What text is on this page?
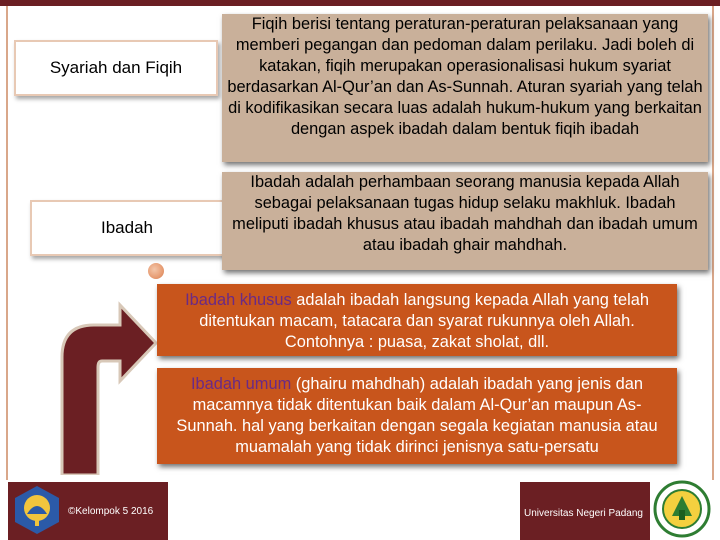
Syariah dan Fiqih
Ibadah
Fiqih berisi tentang peraturan-peraturan pelaksanaan yang memberi pegangan dan pedoman dalam perilaku. Jadi boleh di katakan, fiqih merupakan operasionalisasi hukum syariat berdasarkan Al-Qur’an dan As-Sunnah. Aturan syariah yang telah di kodifikasikan secara luas adalah hukum-hukum yang berkaitan dengan aspek ibadah dalam bentuk fiqih ibadah
Ibadah adalah perhambaan seorang manusia kepada Allah sebagai pelaksanaan tugas hidup selaku makhluk. Ibadah meliputi ibadah khusus atau ibadah mahdhah dan ibadah umum atau ibadah ghair mahdhah.
Ibadah khusus adalah ibadah langsung kepada Allah yang telah ditentukan macam, tatacara dan syarat rukunnya oleh Allah. Contohnya : puasa, zakat sholat, dll.
Ibadah umum (ghairu mahdhah) adalah ibadah yang jenis dan macamnya tidak ditentukan baik dalam Al-Qur’an maupun As-Sunnah. hal yang berkaitan dengan segala kegiatan manusia atau muamalah yang tidak dirinci jenisnya satu-persatu
©Kelompok 5 2016	Universitas Negeri Padang
